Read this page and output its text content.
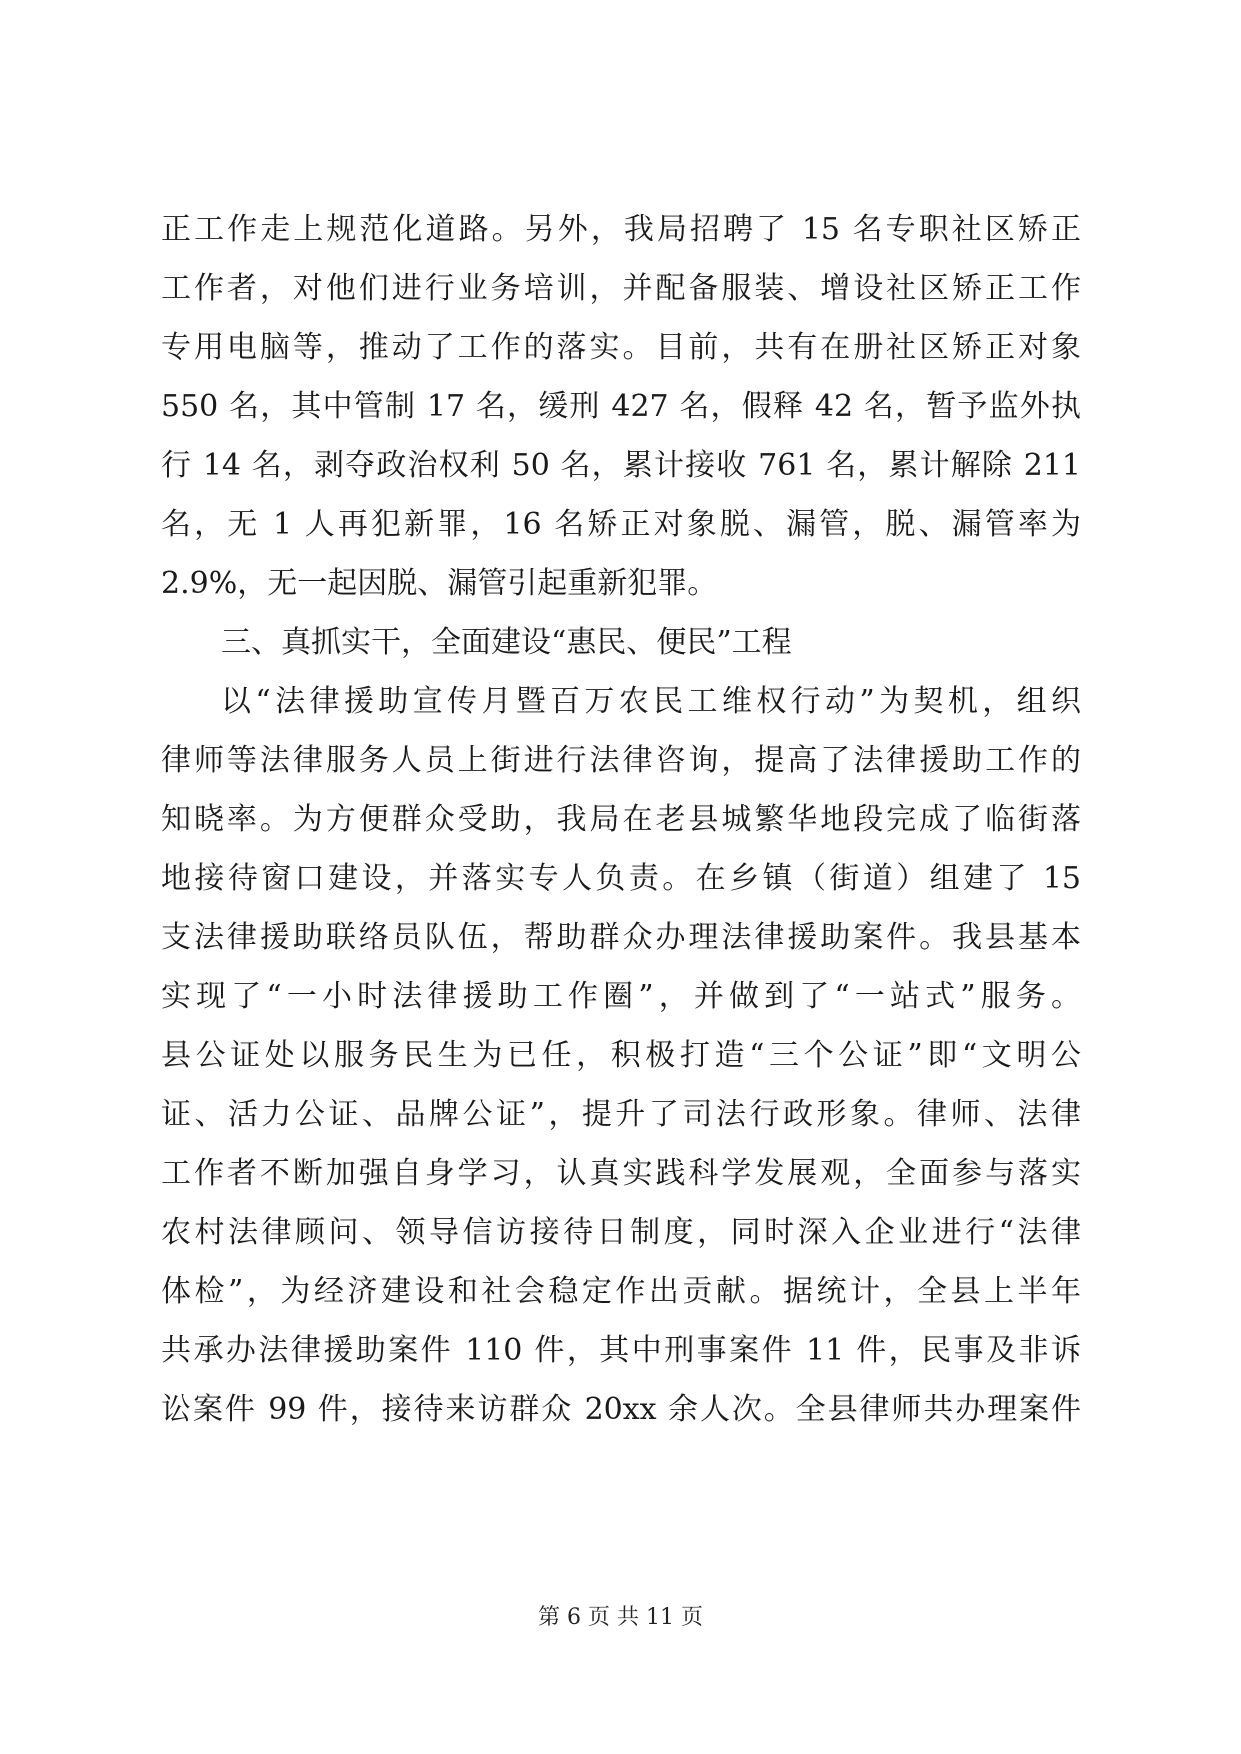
正工作走上规范化道路。另外，我局招聘了 15 名专职社区矫正
工作者，对他们进行业务培训，并配备服装、增设社区矫正工作
专用电脑等，推动了工作的落实。目前，共有在册社区矫正对象
550 名，其中管制 17 名，缓刑 427 名，假释 42 名，暂予监外执
行 14 名，剥夺政治权利 50 名，累计接收 761 名，累计解除 211
名，无 1 人再犯新罪，16 名矫正对象脱、漏管，脱、漏管率为
2.9%，无一起因脱、漏管引起重新犯罪。
三、真抓实干，全面建设“惠民、便民”工程
以“法律援助宣传月暨百万农民工维权行动”为契机，组织
律师等法律服务人员上街进行法律咨询，提高了法律援助工作的
知晓率。为方便群众受助，我局在老县城繁华地段完成了临街落
地接待窗口建设，并落实专人负责。在乡镇（街道）组建了 15
支法律援助联络员队伍，帮助群众办理法律援助案件。我县基本
实现了“一小时法律援助工作圈”，并做到了“一站式”服务。
县公证处以服务民生为已任，积极打造“三个公证”即“文明公
证、活力公证、品牌公证”，提升了司法行政形象。律师、法律
工作者不断加强自身学习，认真实践科学发展观，全面参与落实
农村法律顾问、领导信访接待日制度，同时深入企业进行“法律
体检”，为经济建设和社会稳定作出贡献。据统计，全县上半年
共承办法律援助案件 110 件，其中刑事案件 11 件，民事及非诉
讼案件 99 件，接待来访群众 20xx 余人次。全县律师共办理案件
第 6 页 共 11 页
